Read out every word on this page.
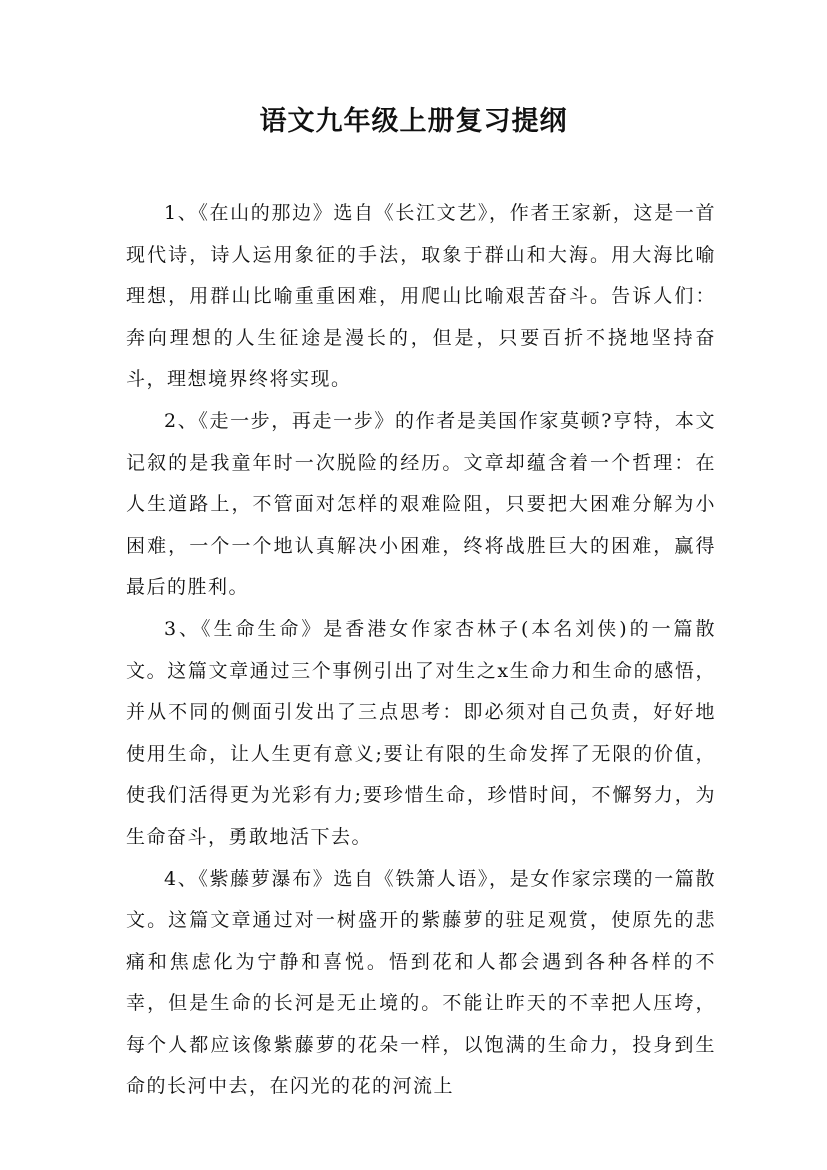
语文九年级上册复习提纲

1、《在山的那边》选自《长江文艺》，作者王家新，这是一首现代诗，诗人运用象征的手法，取象于群山和大海。用大海比喻理想，用群山比喻重重困难，用爬山比喻艰苦奋斗。告诉人们：奔向理想的人生征途是漫长的，但是，只要百折不挠地坚持奋斗，理想境界终将实现。

2、《走一步，再走一步》的作者是美国作家莫顿?亨特，本文记叙的是我童年时一次脱险的经历。文章却蕴含着一个哲理：在人生道路上，不管面对怎样的艰难险阻，只要把大困难分解为小困难，一个一个地认真解决小困难，终将战胜巨大的困难，赢得最后的胜利。

3、《生命生命》是香港女作家杏林子(本名刘侠)的一篇散文。这篇文章通过三个事例引出了对生之x生命力和生命的感悟，并从不同的侧面引发出了三点思考：即必须对自己负责，好好地使用生命，让人生更有意义;要让有限的生命发挥了无限的价值，使我们活得更为光彩有力;要珍惜生命，珍惜时间，不懈努力，为生命奋斗，勇敢地活下去。

4、《紫藤萝瀑布》选自《铁箫人语》，是女作家宗璞的一篇散文。这篇文章通过对一树盛开的紫藤萝的驻足观赏，使原先的悲痛和焦虑化为宁静和喜悦。悟到花和人都会遇到各种各样的不幸，但是生命的长河是无止境的。不能让昨天的不幸把人压垮，每个人都应该像紫藤萝的花朵一样，以饱满的生命力，投身到生命的长河中去，在闪光的花的河流上
